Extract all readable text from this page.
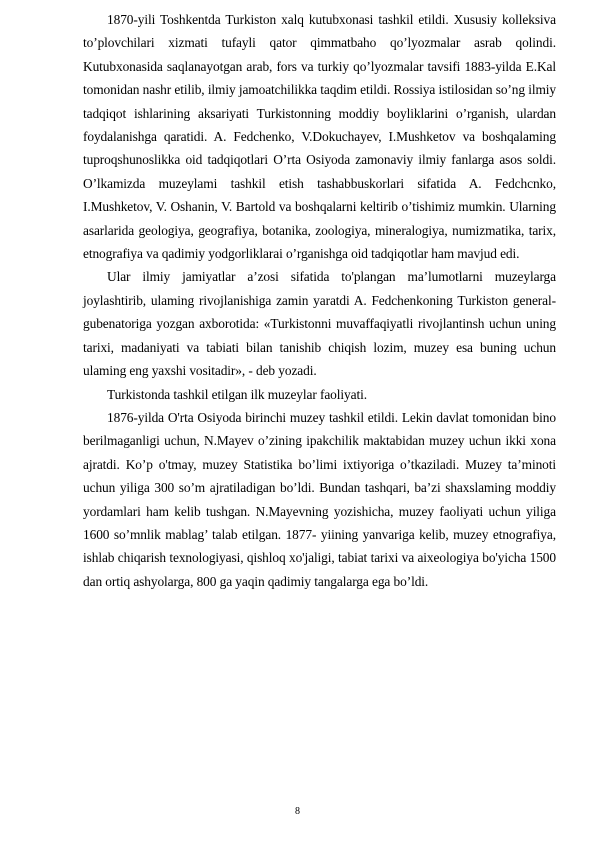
1870-yili Toshkentda Turkiston xalq kutubxonasi tashkil etildi. Xususiy kolleksiva to’plovchilari xizmati tufayli qator qimmatbaho qo’lyozmalar asrab qolindi. Kutubxonasida saqlanayotgan arab, fors va turkiy qo’lyozmalar tavsifi 1883-yilda E.Kal tomonidan nashr etilib, ilmiy jamoatchilikka taqdim etildi. Rossiya istilosidan so’ng ilmiy tadqiqot ishlarining aksariyati Turkistonning moddiy boyliklarini o’rganish, ulardan foydalanishga qaratidi. A. Fedchenko, V.Dokuchayev, I.Mushketov va boshqalaming tuproqshunoslikka oid tadqiqotlari O’rta Osiyoda zamonaviy ilmiy fanlarga asos soldi. O’lkamizda muzeylami tashkil etish tashabbuskorlari sifatida A. Fedchcnko, I.Mushketov, V. Oshanin, V. Bartold va boshqalarni keltirib o’tishimiz mumkin. Ularning asarlarida geologiya, geografiya, botanika, zoologiya, mineralogiya, numizmatika, tarix, etnografiya va qadimiy yodgorliklarai o’rganishga oid tadqiqotlar ham mavjud edi.

Ular ilmiy jamiyatlar a’zosi sifatida to'plangan ma’lumotlarni muzeylarga joylashtirib, ulaming rivojlanishiga zamin yaratdi A. Fedchenkoning Turkiston general-gubenatoriga yozgan axborotida: «Turkistonni muvaffaqiyatli rivojlantinsh uchun uning tarixi, madaniyati va tabiati bilan tanishib chiqish lozim, muzey esa buning uchun ulaming eng yaxshi vositadir», - deb yozadi.

Turkistonda tashkil etilgan ilk muzeylar faoliyati.

1876-yilda O'rta Osiyoda birinchi muzey tashkil etildi. Lekin davlat tomonidan bino berilmaganligi uchun, N.Mayev o’zining ipakchilik maktabidan muzey uchun ikki xona ajratdi. Ko’p o'tmay, muzey Statistika bo’limi ixtiyoriga o’tkaziladi. Muzey ta’minoti uchun yiliga 300 so’m ajratiladigan bo’ldi. Bundan tashqari, ba’zi shaxslaming moddiy yordamlari ham kelib tushgan. N.Mayevning yozishicha, muzey faoliyati uchun yiliga 1600 so’mnlik mablag’ talab etilgan. 1877- yiining yanvariga kelib, muzey etnografiya, ishlab chiqarish texnologiyasi, qishloq xo'jaligi, tabiat tarixi va aixeologiya bo'yicha 1500 dan ortiq ashyolarga, 800 ga yaqin qadimiy tangalarga ega bo’ldi.

8
